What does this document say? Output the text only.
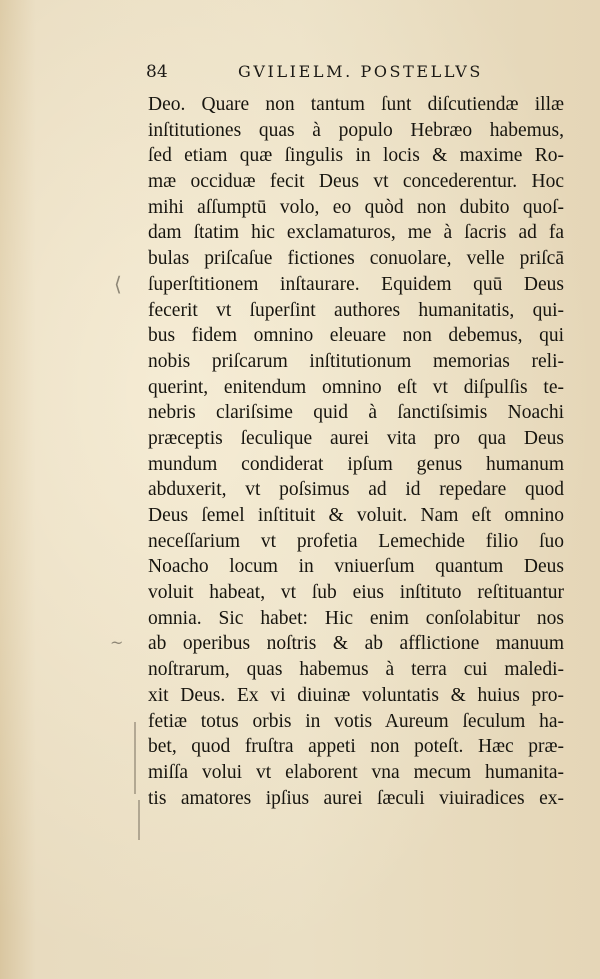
84	GVILIELM. POSTELLVS
⟨
~
Deo. Quare non tantum ſunt diſcutiendæ illæ
inſtitutiones quas à populo Hebræo habemus,
ſed etiam quæ ſingulis in locis & maxime Ro-
mæ occiduæ fecit Deus vt concederentur. Hoc
mihi aſſumptū volo, eo quòd non dubito quoſ-
dam ſtatim hic exclamaturos, me à ſacris ad fa
bulas priſcaſue fictiones conuolare, velle priſcā
ſuperſtitionem inſtaurare. Equidem quū Deus
fecerit vt ſuperſint authores humanitatis, qui-
bus fidem omnino eleuare non debemus, qui
nobis priſcarum inſtitutionum memorias reli-
querint, enitendum omnino eſt vt diſpulſis te-
nebris clariſsime quid à ſanctiſsimis Noachi
præceptis ſeculique aurei vita pro qua Deus
mundum condiderat ipſum genus humanum
abduxerit, vt poſsimus ad id repedare quod
Deus ſemel inſtituit & voluit. Nam eſt omnino
neceſſarium vt profetia Lemechide filio ſuo
Noacho locum in vniuerſum quantum Deus
voluit habeat, vt ſub eius inſtituto reſtituantur
omnia. Sic habet: Hic enim conſolabitur nos
ab operibus noſtris & ab afflictione manuum
noſtrarum, quas habemus à terra cui maledi-
xit Deus. Ex vi diuinæ voluntatis & huius pro-
fetiæ totus orbis in votis Aureum ſeculum ha-
bet, quod fruſtra appeti non poteſt. Hæc præ-
miſſa volui vt elaborent vna mecum humanita-
tis amatores ipſius aurei ſæculi viuiradices ex-
